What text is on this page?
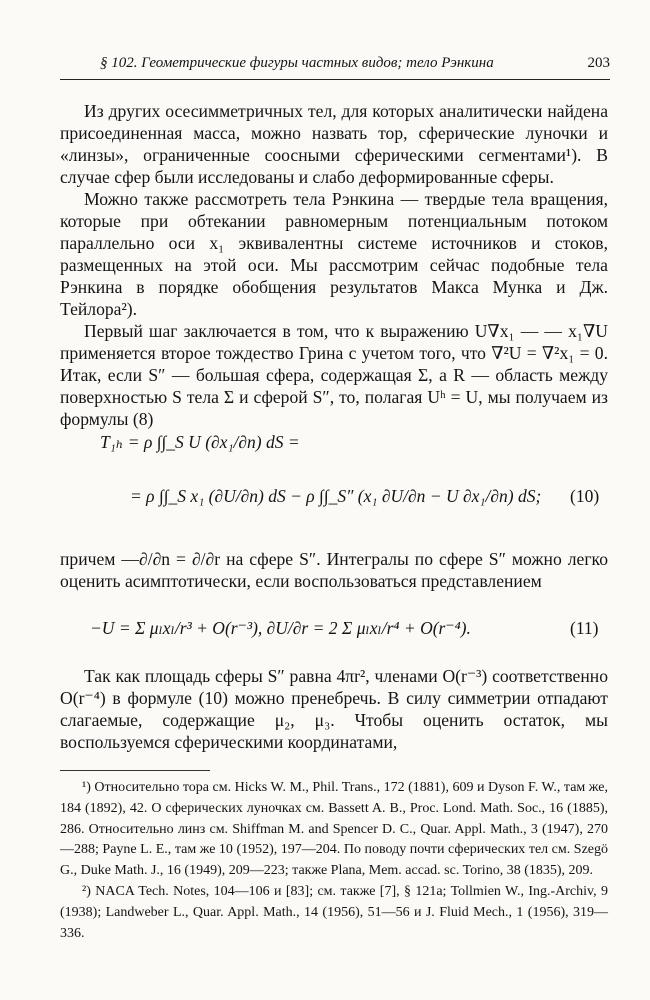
§ 102. Геометрические фигуры частных видов; тело Рэнкина	203

Из других осесимметричных тел, для которых аналитически найдена присоединенная масса, можно назвать тор, сферические луночки и «линзы», ограниченные соосными сферическими сегментами¹). В случае сфер были исследованы и слабо деформированные сферы.

Можно также рассмотреть тела Рэнкина — твердые тела вращения, которые при обтекании равномерным потенциальным потоком параллельно оси x₁ эквивалентны системе источников и стоков, размещенных на этой оси. Мы рассмотрим сейчас подобные тела Рэнкина в порядке обобщения результатов Макса Мунка и Дж. Тейлора²).

Первый шаг заключается в том, что к выражению U∇x₁ — — x₁∇U применяется второе тождество Грина с учетом того, что ∇²U = ∇²x₁ = 0. Итак, если S″ — большая сфера, содержащая Σ, а R — область между поверхностью S тела Σ и сферой S″, то, полагая Uʰ = U, мы получаем из формулы (8)

T₁ₕ = ρ ∫∫_S U (∂x₁/∂n) dS =
= ρ ∫∫_S x₁ (∂U/∂n) dS − ρ ∫∫_S″ (x₁ ∂U/∂n − U ∂x₁/∂n) dS; (10)

причем —∂/∂n = ∂/∂r на сфере S″. Интегралы по сфере S″ можно легко оценить асимптотически, если воспользоваться представлением

−U = Σ μₗxₗ/r³ + O(r⁻³), ∂U/∂r = 2 Σ μₗxₗ/r⁴ + O(r⁻⁴).	(11)

Так как площадь сферы S″ равна 4πr², членами O(r⁻³) соответственно O(r⁻⁴) в формуле (10) можно пренебречь. В силу симметрии отпадают слагаемые, содержащие μ₂, μ₃. Чтобы оценить остаток, мы воспользуемся сферическими координатами,

¹) Относительно тора см. Hicks W. M., Phil. Trans., 172 (1881), 609 и Dyson F. W., там же, 184 (1892), 42. О сферических луночках см. Bassett A. B., Proc. Lond. Math. Soc., 16 (1885), 286. Относительно линз см. Shiffman M. and Spencer D. C., Quar. Appl. Math., 3 (1947), 270—288; Payne L. E., там же 10 (1952), 197—204. По поводу почти сферических тел см. Szegö G., Duke Math. J., 16 (1949), 209—223; также Plana, Mem. accad. sc. Torino, 38 (1835), 209.

²) NACA Tech. Notes, 104—106 и [83]; см. также [7], § 121a; Tollmien W., Ing.-Archiv, 9 (1938); Landweber L., Quar. Appl. Math., 14 (1956), 51—56 и J. Fluid Mech., 1 (1956), 319—336.
